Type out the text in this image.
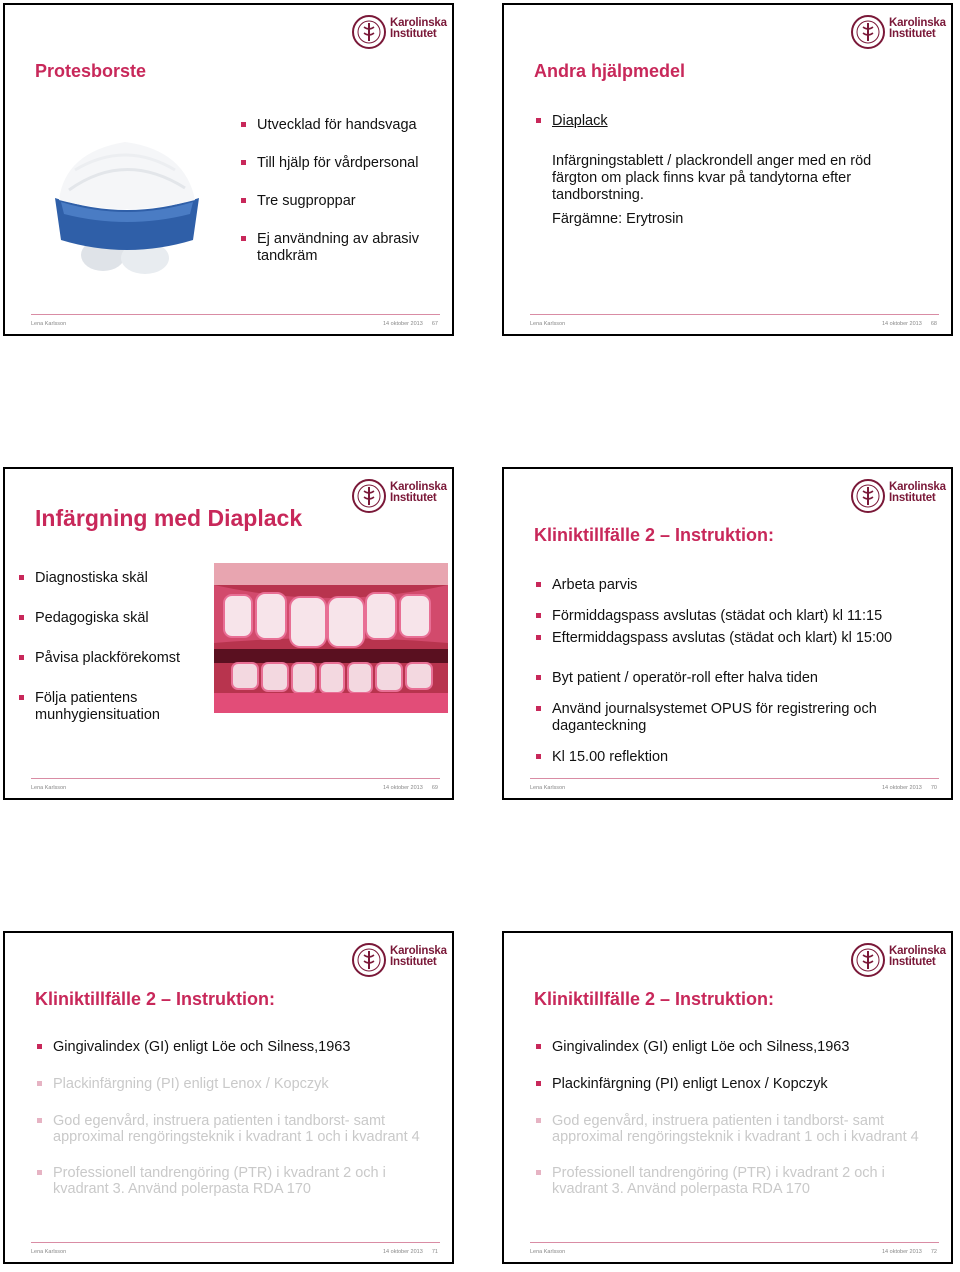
Karolinska
Institutet
Protesborste
Utvecklad för handsvaga
Till hjälp för vårdpersonal
Tre sugproppar
Ej användning av abrasiv tandkräm
Lena Karlsson	14 oktober 2013 67
Karolinska
Institutet
Andra hjälpmedel
Diaplack
Infärgningstablett / plackrondell anger med en röd färgton om plack finns kvar på tandytorna efter tandborstning.
Färgämne: Erytrosin
Lena Karlsson	14 oktober 2013 68
Karolinska
Institutet
Infärgning med Diaplack
Diagnostiska skäl
Pedagogiska skäl
Påvisa plackförekomst
Följa patientens munhygiensituation
Lena Karlsson	14 oktober 2013 69
Karolinska
Institutet
Kliniktillfälle 2 – Instruktion:
Arbeta parvis
Förmiddagspass avslutas (städat och klart) kl 11:15
Eftermiddagspass avslutas (städat och klart) kl 15:00
Byt patient / operatör-roll efter halva tiden
Använd journalsystemet OPUS för registrering och daganteckning
Kl 15.00 reflektion
Lena Karlsson	14 oktober 2013 70
Karolinska
Institutet
Kliniktillfälle 2 – Instruktion:
Gingivalindex (GI) enligt Löe och Silness,1963
Plackinfärgning (PI) enligt Lenox / Kopczyk
God egenvård, instruera patienten i tandborst- samt approximal rengöringsteknik i kvadrant 1 och i kvadrant 4
Professionell tandrengöring (PTR) i kvadrant 2 och i kvadrant 3. Använd polerpasta RDA 170
Lena Karlsson	14 oktober 2013 71
Karolinska
Institutet
Kliniktillfälle 2 – Instruktion:
Gingivalindex (GI) enligt Löe och Silness,1963
Plackinfärgning (PI) enligt Lenox / Kopczyk
God egenvård, instruera patienten i tandborst- samt approximal rengöringsteknik i kvadrant 1 och i kvadrant 4
Professionell tandrengöring (PTR) i kvadrant 2 och i kvadrant 3. Använd polerpasta RDA 170
Lena Karlsson	14 oktober 2013 72
